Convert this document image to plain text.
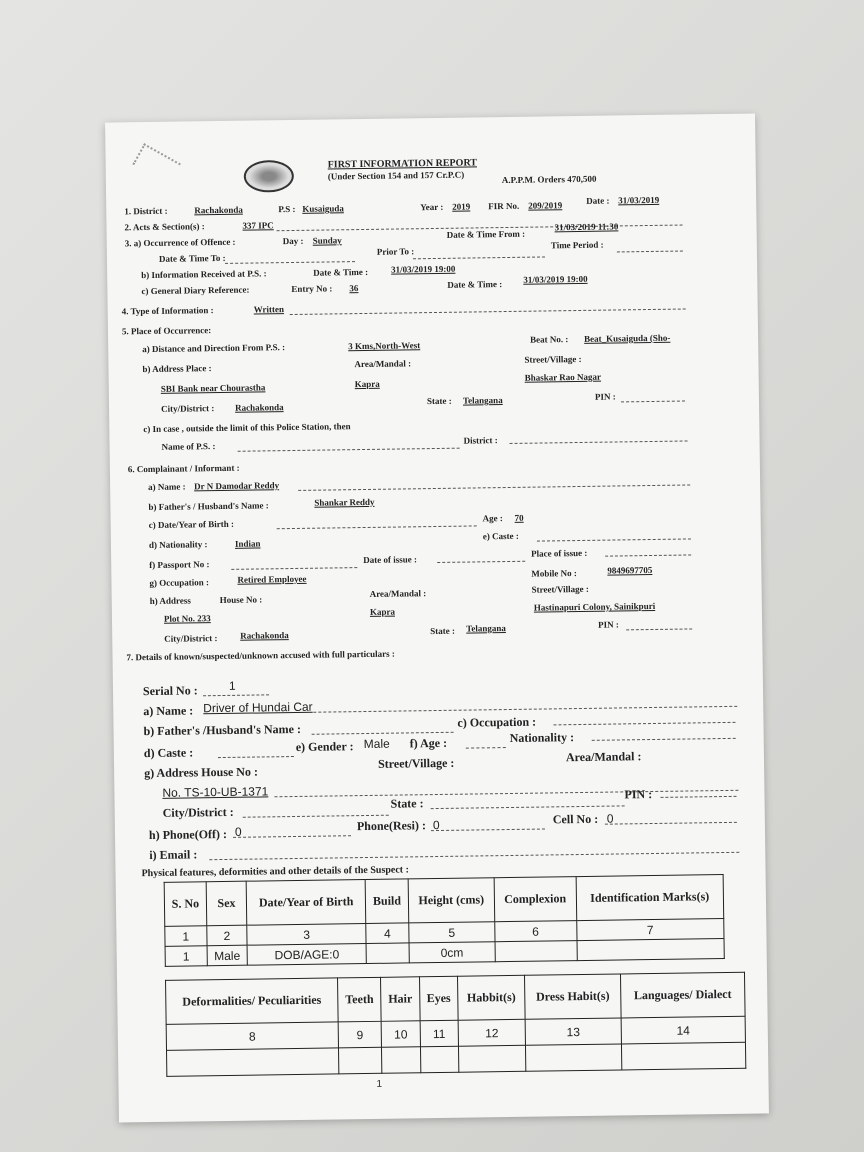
FIRST INFORMATION REPORT
(Under Section 154 and 157 Cr.P.C)	A.P.P.M. Orders 470,500
1. District :	Rachakonda	P.S : Kusaiguda	Year : 2019 FIR No. 209/2019	Date : 31/03/2019
2. Acts & Section(s) :	337 IPC
3. a) Occurrence of Offence :	Day : Sunday
Date & Time From :
31/03/2019 11:30
Date & Time To :
Prior To :
Time Period :
b) Information Received at P.S. :	Date & Time :	31/03/2019 19:00
c) General Diary Reference:	Entry No : 36	Date & Time : 31/03/2019 19:00
4. Type of Information :	Written
5. Place of Occurrence:
a) Distance and Direction From P.S. :	3 Kms,North-West
Beat No. : Beat_Kusaiguda (Sho-
b) Address Place :	Area/Mandal :	Street/Village :
SBI Bank near Chourastha	Kapra
Bhaskar Rao Nagar
City/District : Rachakonda
State : Telangana	PIN :
c) In case , outside the limit of this Police Station, then
Name of P.S. :
District :
6. Complainant / Informant :
a) Name : Dr N Damodar Reddy
b) Father's / Husband's Name :	Shankar Reddy
c) Date/Year of Birth :
Age : 70
d) Nationality :	Indian
e) Caste :
f) Passport No :	Date of issue :
Place of issue :
g) Occupation :	Retired Employee
Mobile No :	9849697705
h) Address	House No :
Area/Mandal :	Street/Village :
Plot No. 233
Kapra	Hastinapuri Colony, Sainikpuri
City/District :	Rachakonda	State : Telangana	PIN :
7. Details of known/suspected/unknown accused with full particulars :
Serial No :	1
a) Name : Driver of Hundai Car
b) Father's /Husband's Name :	c) Occupation :
d) Caste :	e) Gender : Male f) Age :	Nationality :
g) Address House No :
Street/Village :	Area/Mandal :
No. TS-10-UB-1371
City/District :
State :
PIN :
h) Phone(Off) : 0	Phone(Resi) : 0	Cell No : 0
i) Email :
Physical features, deformities and other details of the Suspect :
S. No	Sex	Date/Year of Birth	Build	Height (cms)	Complexion	Identification Marks(s)
1	2	3	4	5	6	7
1	Male	DOB/AGE:0		0cm		
Deformalities/ Peculiarities	Teeth	Hair	Eyes	Habbit(s)	Dress Habit(s)	Languages/ Dialect
8	9	10	11	12	13	14

1
